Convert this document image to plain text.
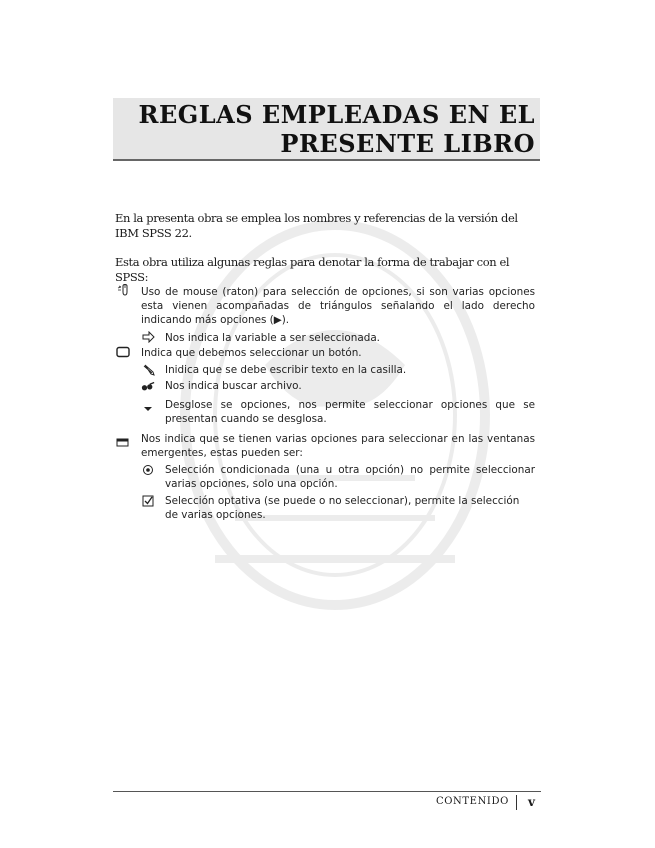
REGLAS EMPLEADAS EN EL
PRESENTE LIBRO
En la presenta obra se emplea los nombres y referencias de la versión del IBM SPSS 22.
Esta obra utiliza algunas reglas para denotar la forma de trabajar con el SPSS:
Uso de mouse (raton) para selección de opciones, si son varias opciones esta vienen acompañadas de triángulos señalando el lado derecho indicando más opciones (▶).
Nos indica la variable a ser seleccionada.
Indica que debemos seleccionar un botón.
Inidica que se debe escribir texto en la casilla.
Nos indica buscar archivo.
Desglose se opciones, nos permite seleccionar opciones que se presentan cuando se desglosa.
Nos indica que se tienen varias opciones para seleccionar en las ventanas emergentes, estas pueden ser:
Selección condicionada (una u otra opción) no permite seleccionar varias opciones, solo una opción.
Selección optativa (se puede o no seleccionar), permite la selección de varias opciones.
CONTENIDO v
